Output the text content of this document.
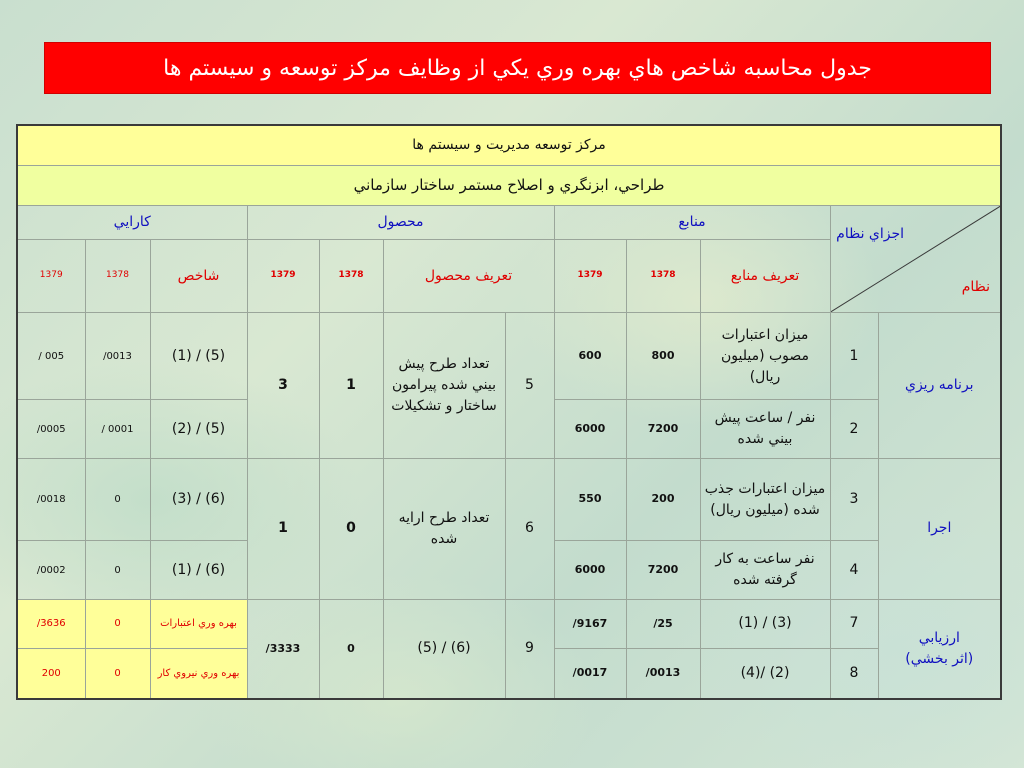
جدول محاسبه شاخص هاي بهره وري يكي از وظايف مركز توسعه و سيستم ها
مركز توسعه مديريت و سيستم ها											
طراحي، ابزنگري و اصلاح مستمر ساختار سازماني											
كارايي			محصول				منابع			اجزاي نظام
نظام	

1379	1378	شاخص	1379	1378	تعريف محصول		1379	1378	تعريف منابع		
/ 005	/0013	(1) / (5)	3	1	تعداد طرح پيش بيني شده پيرامون ساختار و تشكيلات	5	600	800	ميزان اعتبارات مصوب (ميليون ريال)	1	برنامه ريزي
/0005	/ 0001	(2) / (5)					6000	7200	نفر / ساعت پيش بيني شده	2	
/0018	0	(3) / (6)	1	0	تعداد طرح ارايه شده	6	550	200	ميزان اعتبارات جذب شده (ميليون ريال)	3	اجرا
/0002	0	(1) / (6)					6000	7200	نفر ساعت به كار گرفته شده	4	
/3636	0	بهره وري اعتبارات	/3333	0	(5) / (6)	9	/9167	/25	(1) / (3)	7	ارزيابي
(اثر بخشي)

200	0	بهره وري نيروي كار					/0017	/0013	(4)/ (2)	8	
